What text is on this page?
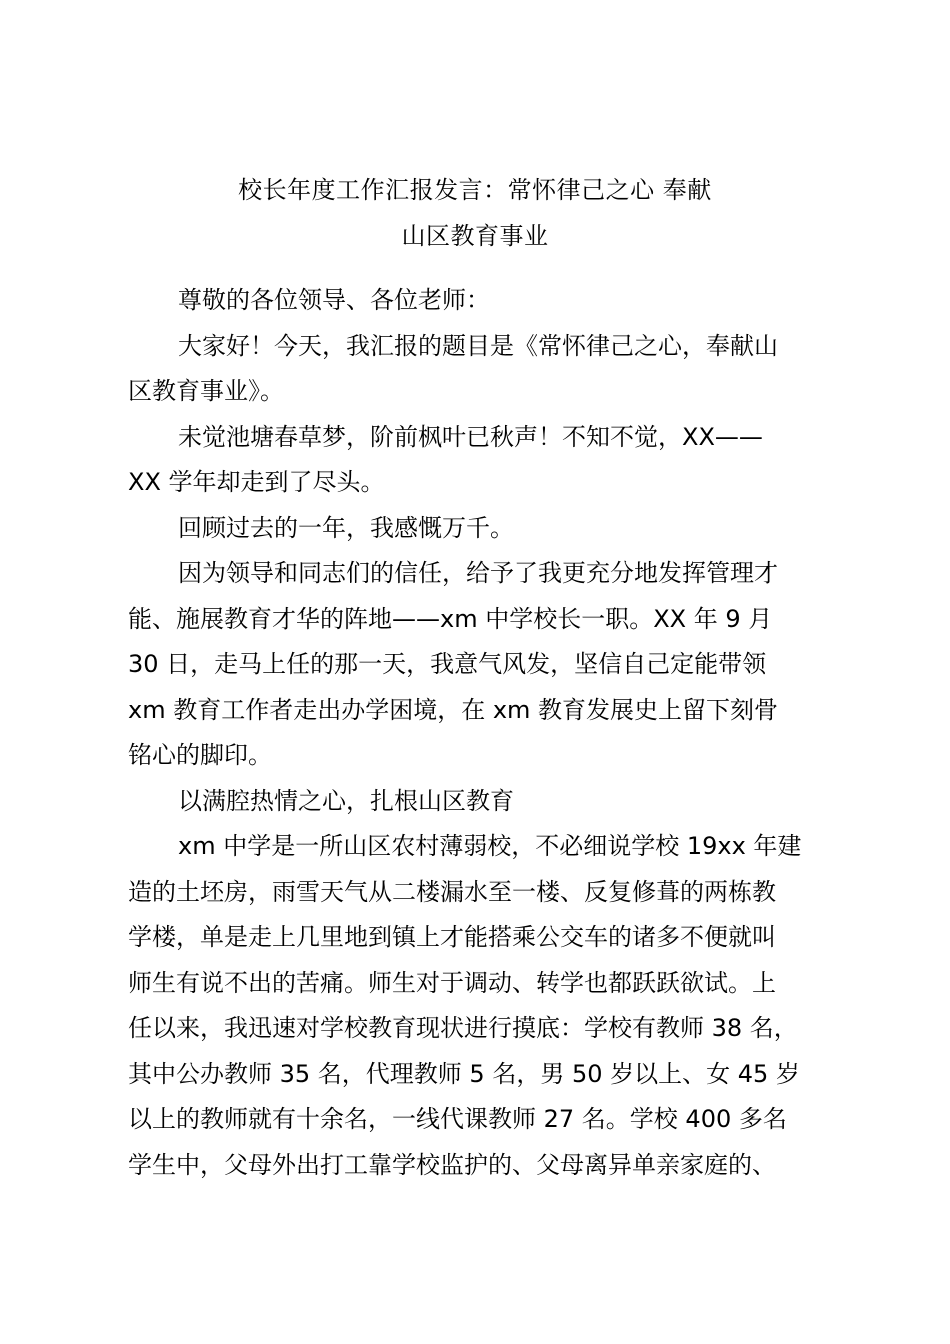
校长年度工作汇报发言：常怀律己之心 奉献
山区教育事业
尊敬的各位领导、各位老师：
大家好！今天，我汇报的题目是《常怀律己之心，奉献山
区教育事业》。
未觉池塘春草梦，阶前枫叶已秋声！不知不觉，XX——
XX 学年却走到了尽头。
回顾过去的一年，我感慨万千。
因为领导和同志们的信任，给予了我更充分地发挥管理才
能、施展教育才华的阵地——xm 中学校长一职。XX 年 9 月
30 日，走马上任的那一天，我意气风发，坚信自己定能带领
xm 教育工作者走出办学困境，在 xm 教育发展史上留下刻骨
铭心的脚印。
以满腔热情之心，扎根山区教育
xm 中学是一所山区农村薄弱校，不必细说学校 19xx 年建
造的土坯房，雨雪天气从二楼漏水至一楼、反复修葺的两栋教
学楼，单是走上几里地到镇上才能搭乘公交车的诸多不便就叫
师生有说不出的苦痛。师生对于调动、转学也都跃跃欲试。上
任以来，我迅速对学校教育现状进行摸底：学校有教师 38 名，
其中公办教师 35 名，代理教师 5 名，男 50 岁以上、女 45 岁
以上的教师就有十余名，一线代课教师 27 名。学校 400 多名
学生中，父母外出打工靠学校监护的、父母离异单亲家庭的、
